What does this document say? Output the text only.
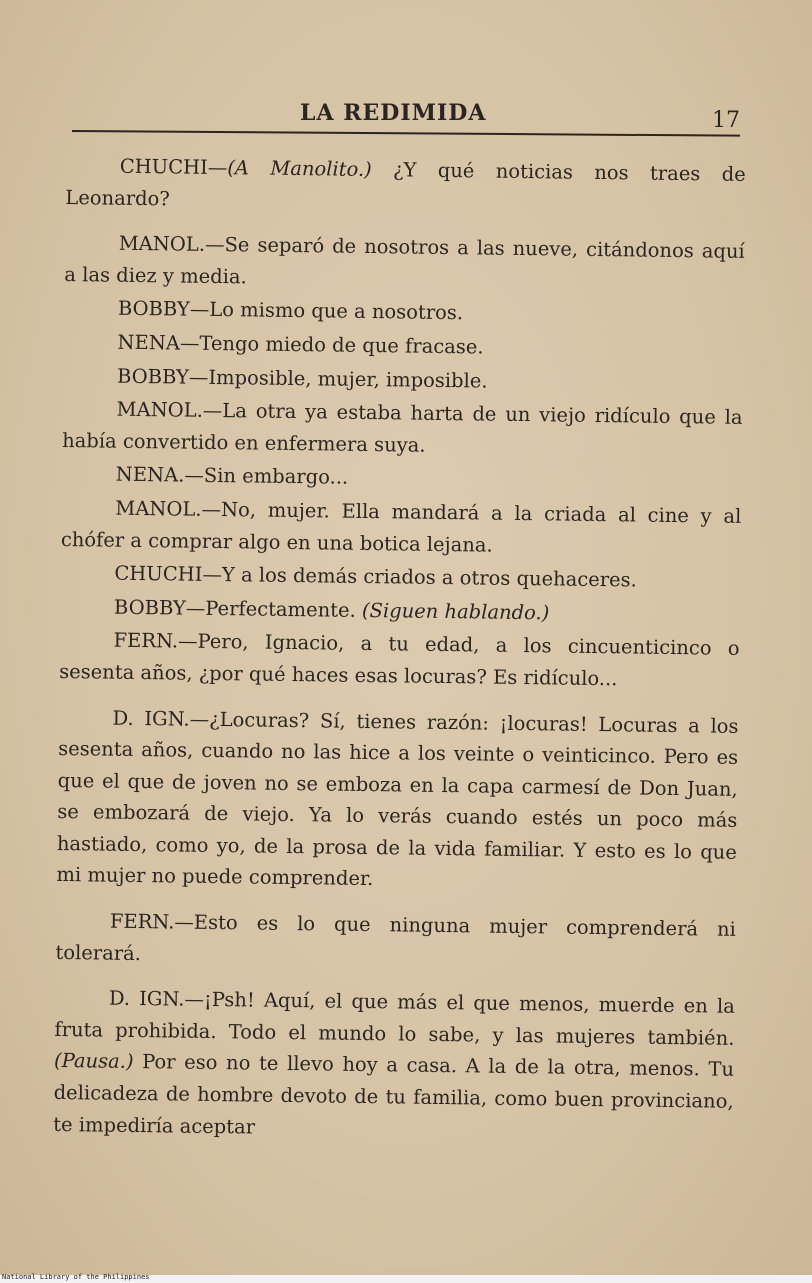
LA REDIMIDA	17

CHUCHI—(A Manolito.) ¿Y qué noticias nos traes de Leonardo?

MANOL.—Se separó de nosotros a las nueve, citándonos aquí a las diez y media.

BOBBY—Lo mismo que a nosotros.

NENA—Tengo miedo de que fracase.

BOBBY—Imposible, mujer, imposible.

MANOL.—La otra ya estaba harta de un viejo ridículo que la había convertido en enfermera suya.

NENA.—Sin embargo...

MANOL.—No, mujer. Ella mandará a la criada al cine y al chófer a comprar algo en una botica lejana.

CHUCHI—Y a los demás criados a otros quehaceres.

BOBBY—Perfectamente. (Siguen hablando.)

FERN.—Pero, Ignacio, a tu edad, a los cincuenticinco o sesenta años, ¿por qué haces esas locuras? Es ridículo...

D. IGN.—¿Locuras? Sí, tienes razón: ¡locuras! Locuras a los sesenta años, cuando no las hice a los veinte o veinticinco. Pero es que el que de joven no se emboza en la capa carmesí de Don Juan, se embozará de viejo. Ya lo verás cuando estés un poco más hastiado, como yo, de la prosa de la vida familiar. Y esto es lo que mi mujer no puede comprender.

FERN.—Esto es lo que ninguna mujer comprenderá ni tolerará.

D. IGN.—¡Psh! Aquí, el que más el que menos, muerde en la fruta prohibida. Todo el mundo lo sabe, y las mujeres también. (Pausa.) Por eso no te llevo hoy a casa. A la de la otra, menos. Tu delicadeza de hombre devoto de tu familia, como buen provinciano, te impediría aceptar

National Library of the Philippines
